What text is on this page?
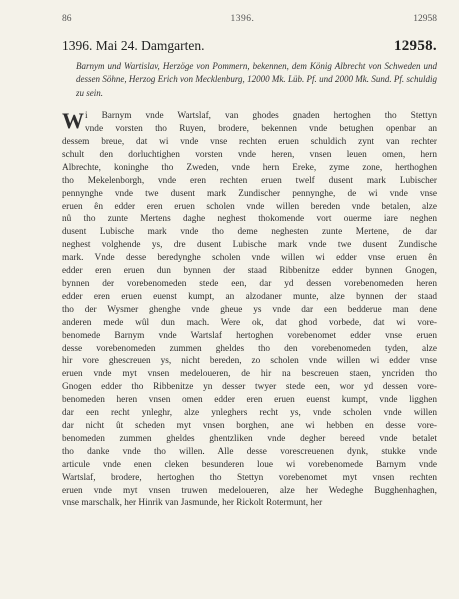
86	1396.	12958
1396. Mai 24. Damgarten.	12958.

Barnym und Wartislav, Herzöge von Pommern, bekennen, dem König Albrecht von Schweden und dessen Söhne, Herzog Erich von Mecklenburg, 12000 Mk. Lüb. Pf. und 2000 Mk. Sund. Pf. schuldig zu sein.

W i Barnym vnde Wartslaf, van ghodes gnaden hertoghen tho Stettyn
vnde vorsten tho Ruyen, brodere, bekennen vnde betughen openbar an
dessem breue, dat wi vnde vnse rechten eruen schuldich zynt van rechter
schult den dorluchtighen vorsten vnde heren, vnsen leuen omen, hern
Albrechte, koninghe tho Zweden, vnde hern Ereke, zyme zone, herthoghen
tho Mekelenborgh, vnde eren rechten eruen twelf dusent mark Lubischer
pennynghe vnde twe dusent mark Zundischer pennynghe, de wi vnde vnse
eruen ên edder eren eruen scholen vnde willen bereden vnde betalen, alze
nû tho zunte Mertens daghe neghest thokomende vort ouerme iare neghen
dusent Lubische mark vnde tho deme neghesten zunte Mertene, de dar
neghest volghende ys, dre dusent Lubische mark vnde twe dusent Zundische
mark. Vnde desse beredynghe scholen vnde willen wi edder vnse eruen ên
edder eren eruen dun bynnen der staad Ribbenitze edder bynnen Gnogen,
bynnen der vorebenomeden stede een, dar yd dessen vorebenomeden heren
edder eren eruen euenst kumpt, an alzodaner munte, alze bynnen der staad
tho der Wysmer ghenghe vnde gheue ys vnde dar een bedderue man dene
anderen mede wûl dun mach. Were ok, dat ghod vorbede, dat wi vore-
benomede Barnym vnde Wartslaf hertoghen vorebenomet edder vnse eruen
desse vorebenomeden zummen gheldes tho den vorebenomeden tyden, alze
hir vore ghescreuen ys, nicht bereden, zo scholen vnde willen wi edder vnse
eruen vnde myt vnsen medeloueren, de hir na bescreuen staen, yncriden tho
Gnogen edder tho Ribbenitze yn desser twyer stede een, wor yd dessen vore-
benomeden heren vnsen omen edder eren eruen euenst kumpt, vnde ligghen
dar een recht ynleghr, alze ynleghers recht ys, vnde scholen vnde willen
dar nicht ût scheden myt vnsen borghen, ane wi hebben en desse vore-
benomeden zummen gheldes ghentzliken vnde degher bereed vnde betalet
tho danke vnde tho willen. Alle desse vorescreuenen dynk, stukke vnde
articule vnde enen cleken besunderen loue wi vorebenomede Barnym vnde
Wartslaf, brodere, hertoghen tho Stettyn vorebenomet myt vnsen rechten
eruen vnde myt vnsen truwen medeloueren, alze her Wedeghe Bugghenhaghen,
vnse marschalk, her Hinrik van Jasmunde, her Rickolt Rotermunt, her
